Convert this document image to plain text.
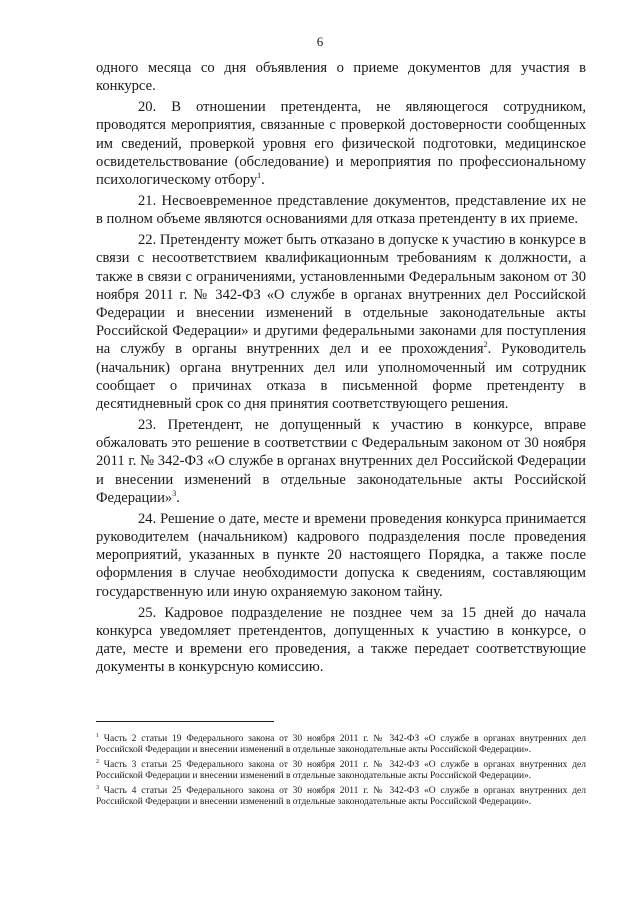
6

одного месяца со дня объявления о приеме документов для участия в конкурсе.

20. В отношении претендента, не являющегося сотрудником, проводятся мероприятия, связанные с проверкой достоверности сообщенных им сведений, проверкой уровня его физической подготовки, медицинское освидетельствование (обследование) и мероприятия по профессиональному психологическому отбору$^1$.

21. Несвоевременное представление документов, представление их не в полном объеме являются основаниями для отказа претенденту в их приеме.

22. Претенденту может быть отказано в допуске к участию в конкурсе в связи с несоответствием квалификационным требованиям к должности, а также в связи с ограничениями, установленными Федеральным законом от 30 ноября 2011 г. № 342-ФЗ «О службе в органах внутренних дел Российской Федерации и внесении изменений в отдельные законодательные акты Российской Федерации» и другими федеральными законами для поступления на службу в органы внутренних дел и ее прохождения$^2$. Руководитель (начальник) органа внутренних дел или уполномоченный им сотрудник сообщает о причинах отказа в письменной форме претенденту в десятидневный срок со дня принятия соответствующего решения.

23. Претендент, не допущенный к участию в конкурсе, вправе обжаловать это решение в соответствии с Федеральным законом от 30 ноября 2011 г. № 342-ФЗ «О службе в органах внутренних дел Российской Федерации и внесении изменений в отдельные законодательные акты Российской Федерации»$^3$.

24. Решение о дате, месте и времени проведения конкурса принимается руководителем (начальником) кадрового подразделения после проведения мероприятий, указанных в пункте 20 настоящего Порядка, а также после оформления в случае необходимости допуска к сведениям, составляющим государственную или иную охраняемую законом тайну.

25. Кадровое подразделение не позднее чем за 15 дней до начала конкурса уведомляет претендентов, допущенных к участию в конкурсе, о дате, месте и времени его проведения, а также передает соответствующие документы в конкурсную комиссию.

$^1$ Часть 2 статьи 19 Федерального закона от 30 ноября 2011 г. № 342-ФЗ «О службе в органах внутренних дел Российской Федерации и внесении изменений в отдельные законодательные акты Российской Федерации».

$^2$ Часть 3 статьи 25 Федерального закона от 30 ноября 2011 г. № 342-ФЗ «О службе в органах внутренних дел Российской Федерации и внесении изменений в отдельные законодательные акты Российской Федерации».

$^3$ Часть 4 статьи 25 Федерального закона от 30 ноября 2011 г. № 342-ФЗ «О службе в органах внутренних дел Российской Федерации и внесении изменений в отдельные законодательные акты Российской Федерации».
